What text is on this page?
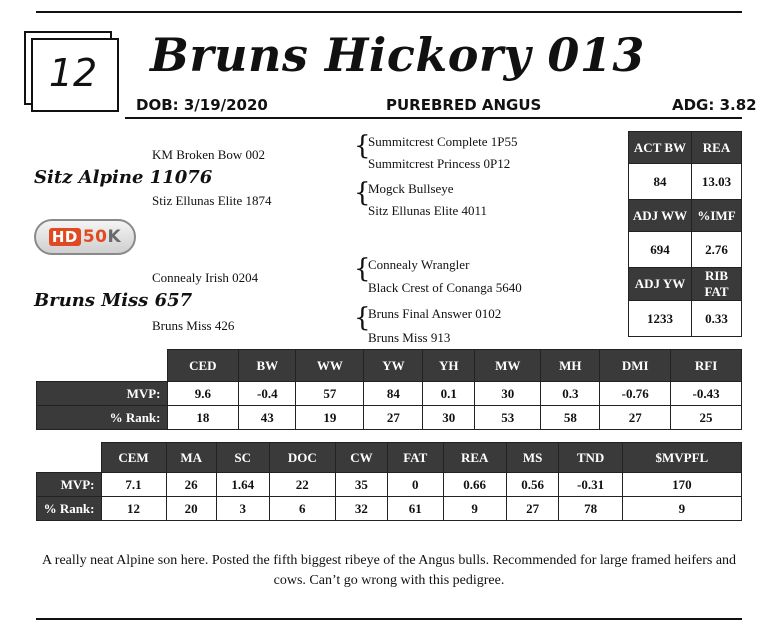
12	Bruns Hickory 013
DOB: 3/19/2020	PUREBRED ANGUS	ADG: 3.82
KM Broken Bow 002
Sitz Alpine 11076
Stiz Ellunas Elite 1874
{
Summitcrest Complete 1P55
Summitcrest Princess 0P12
{
Mogck Bullseye
Sitz Ellunas Elite 4011
HD 50 K
Connealy Irish 0204
Bruns Miss 657
Bruns Miss 426
{
Connealy Wrangler
Black Crest of Conanga 5640
{
Bruns Final Answer 0102
Bruns Miss 913
ACT BW	REA
84	13.03
ADJ WW	%IMF
694	2.76
ADJ YW	RIB FAT
1233	0.33
	CED	BW	WW	YW	YH	MW	MH	DMI	RFI
MVP:	9.6	-0.4	57	84	0.1	30	0.3	-0.76	-0.43
% Rank:	18	43	19	27	30	53	58	27	25
	CEM	MA	SC	DOC	CW	FAT	REA	MS	TND	$MVPFL
MVP:	7.1	26	1.64	22	35	0	0.66	0.56	-0.31	170
% Rank:	12	20	3	6	32	61	9	27	78	9
A really neat Alpine son here. Posted the fifth biggest ribeye of the Angus bulls. Recommended for large framed heifers and cows. Can’t go wrong with this pedigree.
